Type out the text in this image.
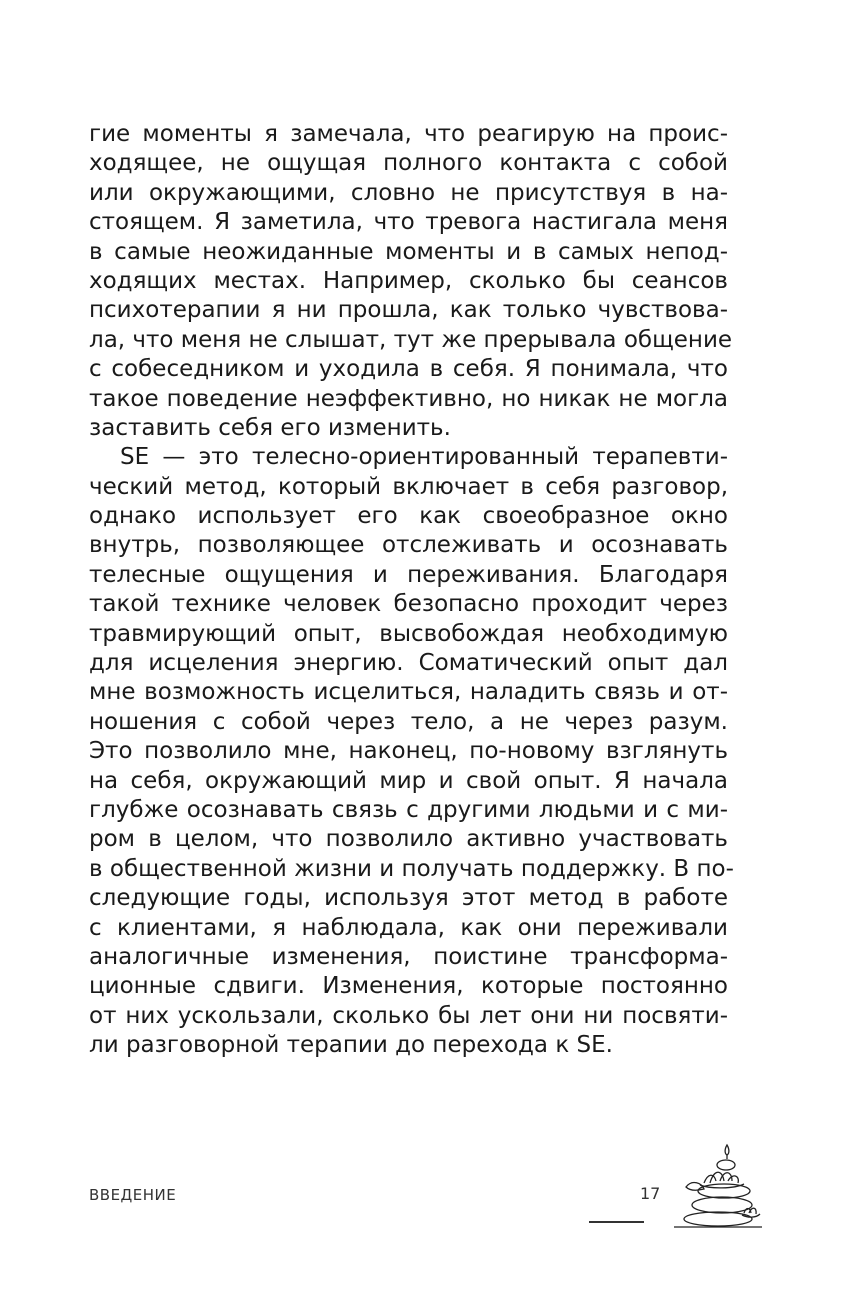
гие моменты я замечала, что реагирую на проис-
ходящее, не ощущая полного контакта с собой
или окружающими, словно не присутствуя в на-
стоящем. Я заметила, что тревога настигала меня
в самые неожиданные моменты и в самых непод-
ходящих местах. Например, сколько бы сеансов
психотерапии я ни прошла, как только чувствова-
ла, что меня не слышат, тут же прерывала общение
с собеседником и уходила в себя. Я понимала, что
такое поведение неэффективно, но никак не могла
заставить себя его изменить.
SE — это телесно-ориентированный терапевти-
ческий метод, который включает в себя разговор,
однако использует его как своеобразное окно
внутрь, позволяющее отслеживать и осознавать
телесные ощущения и переживания. Благодаря
такой технике человек безопасно проходит через
травмирующий опыт, высвобождая необходимую
для исцеления энергию. Соматический опыт дал
мне возможность исцелиться, наладить связь и от-
ношения с собой через тело, а не через разум.
Это позволило мне, наконец, по-новому взглянуть
на себя, окружающий мир и свой опыт. Я начала
глубже осознавать связь с другими людьми и с ми-
ром в целом, что позволило активно участвовать
в общественной жизни и получать поддержку. В по-
следующие годы, используя этот метод в работе
с клиентами, я наблюдала, как они переживали
аналогичные изменения, поистине трансформа-
ционные сдвиги. Изменения, которые постоянно
от них ускользали, сколько бы лет они ни посвяти-
ли разговорной терапии до перехода к SE.
ВВЕДЕНИЕ	17
